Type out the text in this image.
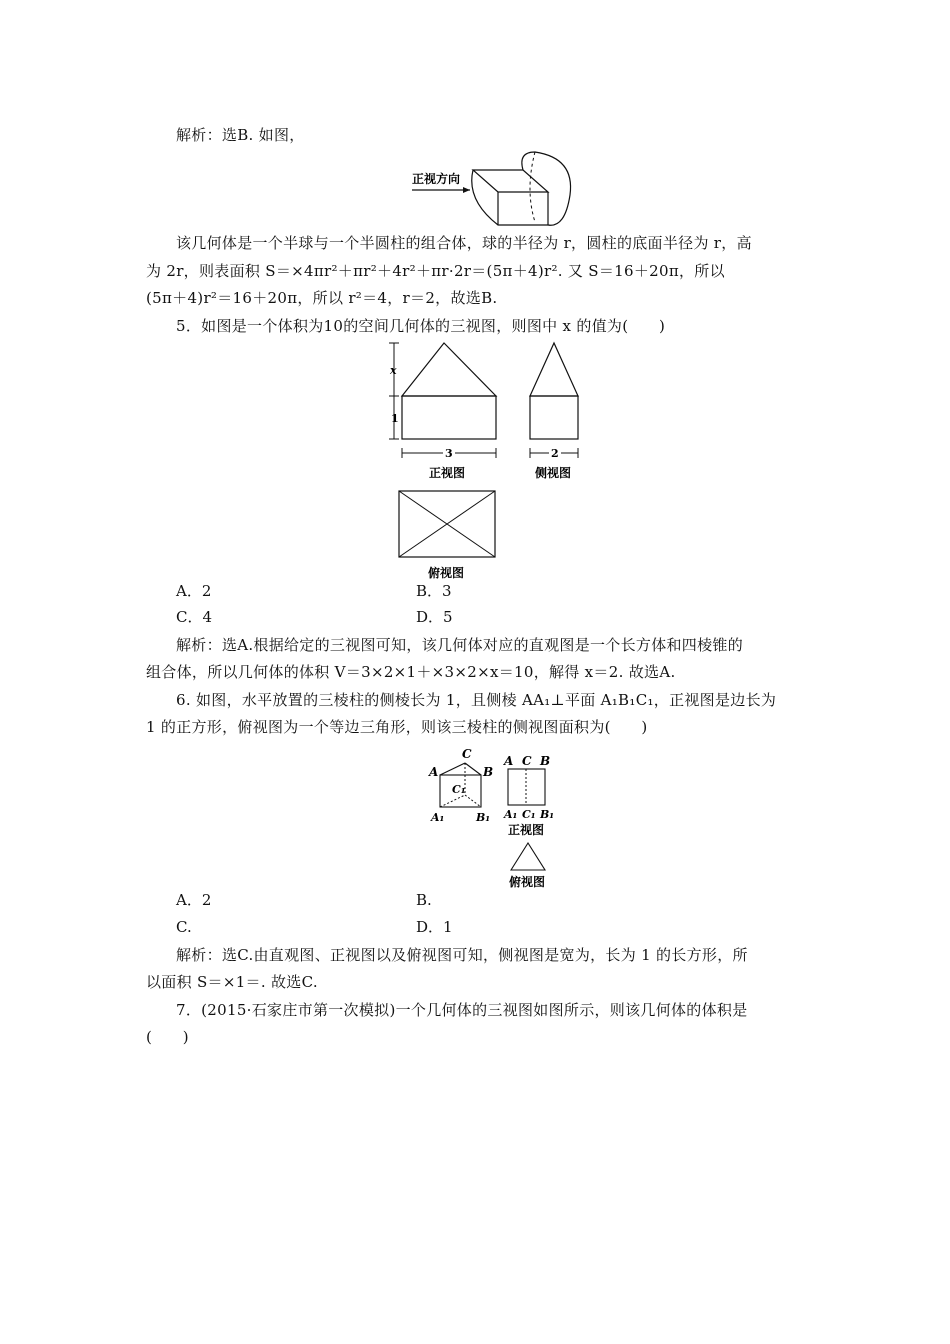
解析：选B. 如图，
正视方向
该几何体是一个半球与一个半圆柱的组合体，球的半径为 r，圆柱的底面半径为 r，高
为 2r，则表面积 S＝×4πr²＋πr²＋4r²＋πr·2r＝(5π＋4)r². 又 S＝16＋20π，所以
(5π＋4)r²＝16＋20π，所以 r²＝4，r＝2，故选B.
5．如图是一个体积为10的空间几何体的三视图，则图中 x 的值为(　　)
x
1
3
正视图
2
侧视图
俯视图
A．2	B．3
C．4	D．5
解析：选A.根据给定的三视图可知，该几何体对应的直观图是一个长方体和四棱锥的
组合体，所以几何体的体积 V＝3×2×1＋×3×2×x＝10，解得 x＝2. 故选A.
6. 如图，水平放置的三棱柱的侧棱长为 1，且侧棱 AA₁⊥平面 A₁B₁C₁，正视图是边长为
1 的正方形，俯视图为一个等边三角形，则该三棱柱的侧视图面积为(　　)
C
A	B
C₁
A₁	B₁
A C B
A₁ C₁ B₁
正视图
俯视图
A．2	B.
C.	D．1
解析：选C.由直观图、正视图以及俯视图可知，侧视图是宽为，长为 1 的长方形，所
以面积 S＝×1＝. 故选C.
7．(2015·石家庄市第一次模拟)一个几何体的三视图如图所示，则该几何体的体积是
(　　)
